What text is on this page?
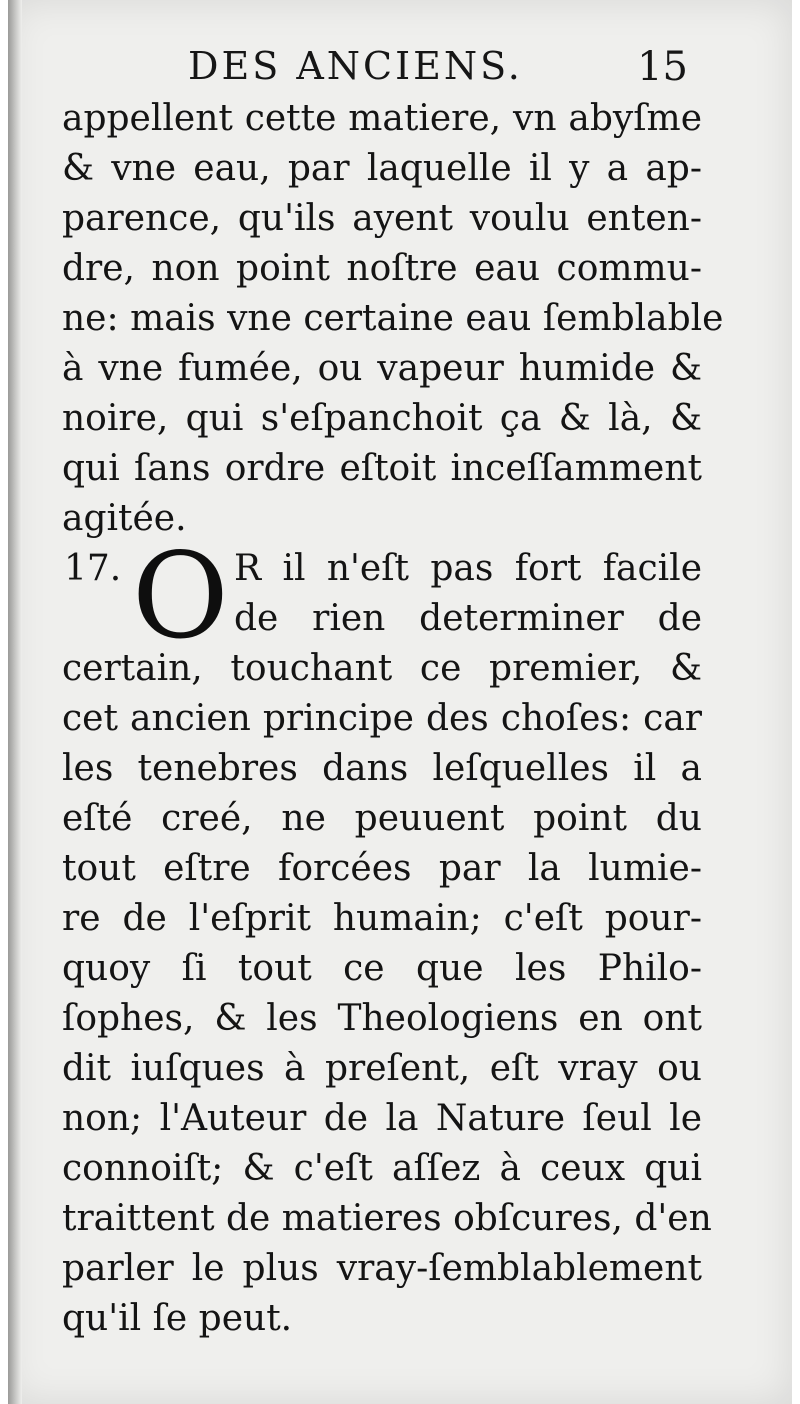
DES ANCIENS.	15
appellent cette matiere, vn abyſme
& vne eau, par laquelle il y a ap-
parence, qu'ils ayent voulu enten-
dre, non point noſtre eau commu-
ne: mais vne certaine eau ſemblable
à vne fumée, ou vapeur humide &
noire, qui s'eſpanchoit ça & là, &
qui ſans ordre eſtoit inceſſamment
agitée.
17. O R il n'eſt pas fort facile
de rien determiner de
certain, touchant ce premier, &
cet ancien principe des choſes: car
les tenebres dans leſquelles il a
eſté creé, ne peuuent point du
tout eſtre forcées par la lumie-
re de l'eſprit humain; c'eſt pour-
quoy ſi tout ce que les Philo-
ſophes, & les Theologiens en ont
dit iuſques à preſent, eſt vray ou
non; l'Auteur de la Nature ſeul le
connoiſt; & c'eſt aſſez à ceux qui
traittent de matieres obſcures, d'en
parler le plus vray-ſemblablement
qu'il ſe peut.
